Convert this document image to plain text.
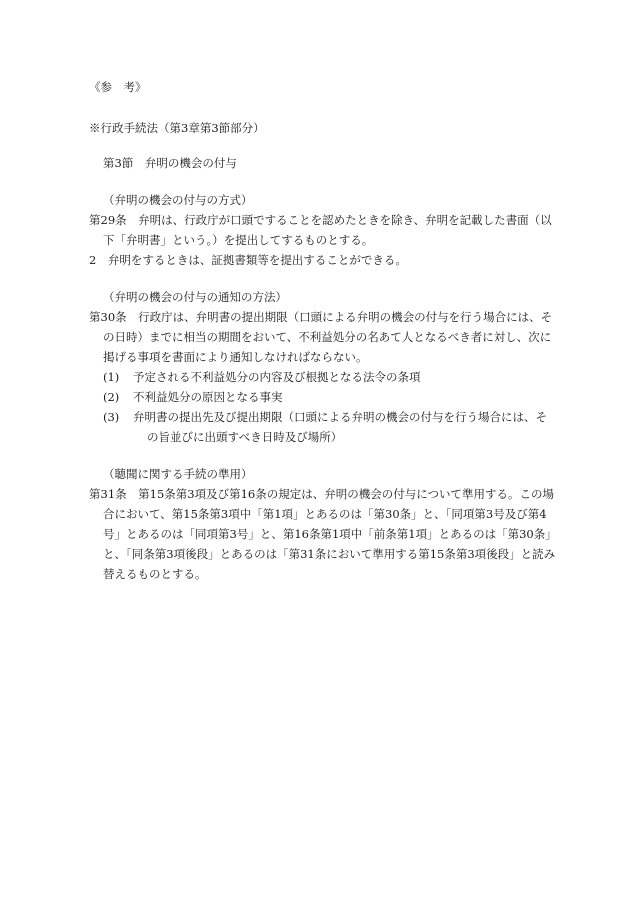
《参　考》
※行政手続法（第3章第3節部分）
第3節　弁明の機会の付与
（弁明の機会の付与の方式）
第29条　弁明は、行政庁が口頭ですることを認めたときを除き、弁明を記載した書面（以
下「弁明書」という。）を提出してするものとする。
2　弁明をするときは、証拠書類等を提出することができる。
（弁明の機会の付与の通知の方法）
第30条　行政庁は、弁明書の提出期限（口頭による弁明の機会の付与を行う場合には、そ
の日時）までに相当の期間をおいて、不利益処分の名あて人となるべき者に対し、次に
掲げる事項を書面により通知しなければならない。
(1) 予定される不利益処分の内容及び根拠となる法令の条項
(2) 不利益処分の原因となる事実
(3) 弁明書の提出先及び提出期限（口頭による弁明の機会の付与を行う場合には、そ
の旨並びに出頭すべき日時及び場所）
（聴聞に関する手続の準用）
第31条　第15条第3項及び第16条の規定は、弁明の機会の付与について準用する。この場
合において、第15条第3項中「第1項」とあるのは「第30条」と、「同項第3号及び第4
号」とあるのは「同項第3号」と、第16条第1項中「前条第1項」とあるのは「第30条」
と、「同条第3項後段」とあるのは「第31条において準用する第15条第3項後段」と読み
替えるものとする。
